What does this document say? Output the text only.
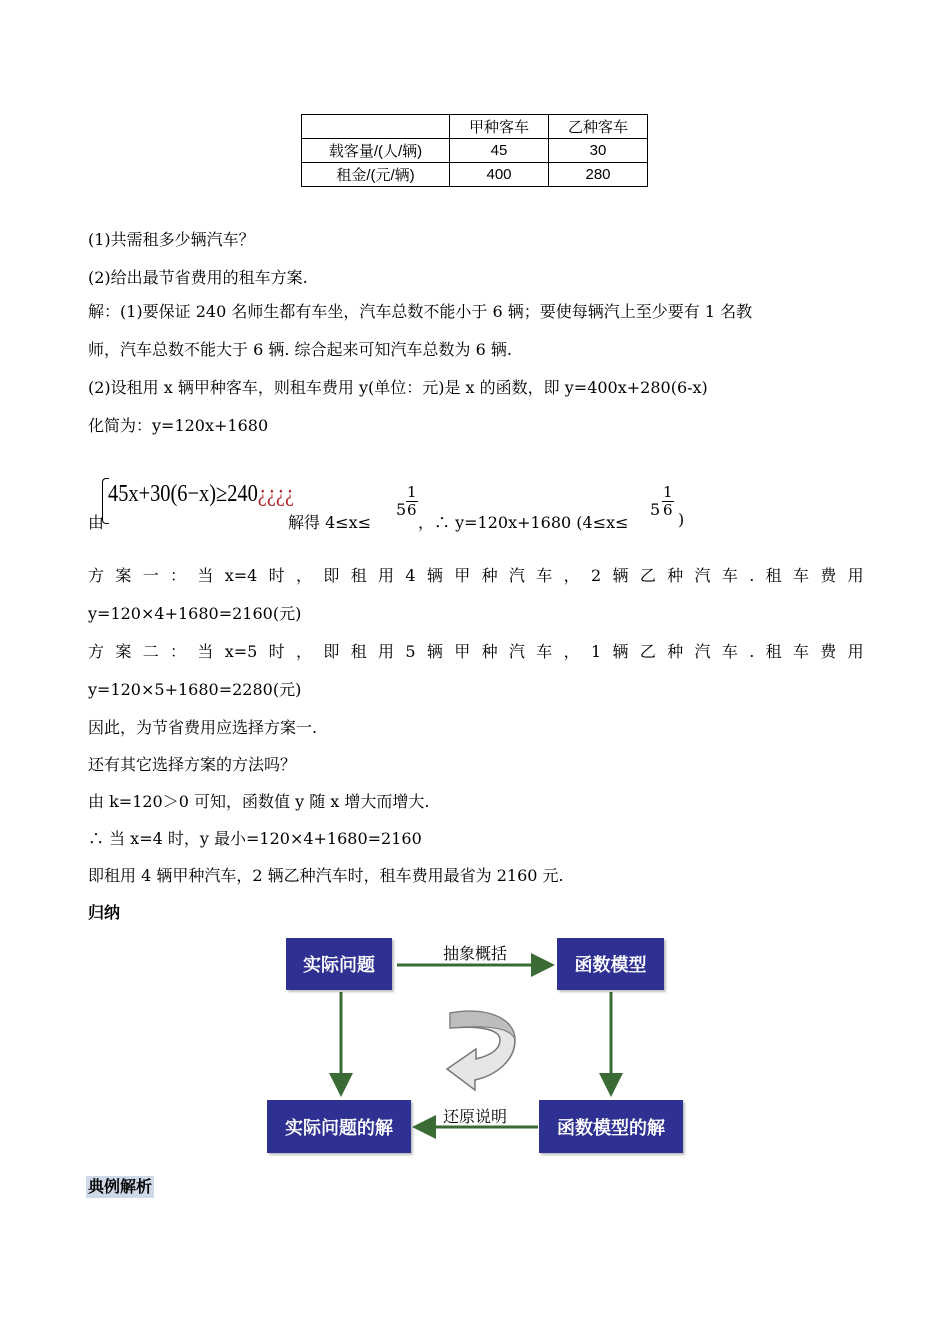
	甲种客车	乙种客车
载客量/(人/辆)	45	30
租金/(元/辆)	400	280
(1)共需租多少辆汽车？
(2)给出最节省费用的租车方案.
解：(1)要保证 240 名师生都有车坐，汽车总数不能小于 6 辆；要使每辆汽上至少要有 1 名教
师，汽车总数不能大于 6 辆. 综合起来可知汽车总数为 6 辆.
(2)设租用 x 辆甲种客车，则租车费用 y(单位：元)是 x 的函数，即 y=400x+280(6-x)
化简为：y=120x+1680
由
45x+30(6−x)≥240¿¿¿¿
解得 4≤x≤
$5 \frac{1}{6}$
，∴ y=120x+1680 (4≤x≤
$5 \frac{1}{6}$
)
方 案 一 ： 当 x=4 时 ， 即 租 用 4 辆 甲 种 汽 车 ， 2 辆 乙 种 汽 车 . 租 车 费 用
y=120×4+1680=2160(元)
方 案 二 ： 当 x=5 时 ， 即 租 用 5 辆 甲 种 汽 车 ， 1 辆 乙 种 汽 车 . 租 车 费 用
y=120×5+1680=2280(元)
因此，为节省费用应选择方案一.
还有其它选择方案的方法吗？
由 k=120＞0 可知，函数值 y 随 x 增大而增大.
∴ 当 x=4 时，y 最小=120×4+1680=2160
即租用 4 辆甲种汽车，2 辆乙种汽车时，租车费用最省为 2160 元.
归纳
实际问题	函数模型
实际问题的解	函数模型的解
抽象概括
还原说明
典例解析
